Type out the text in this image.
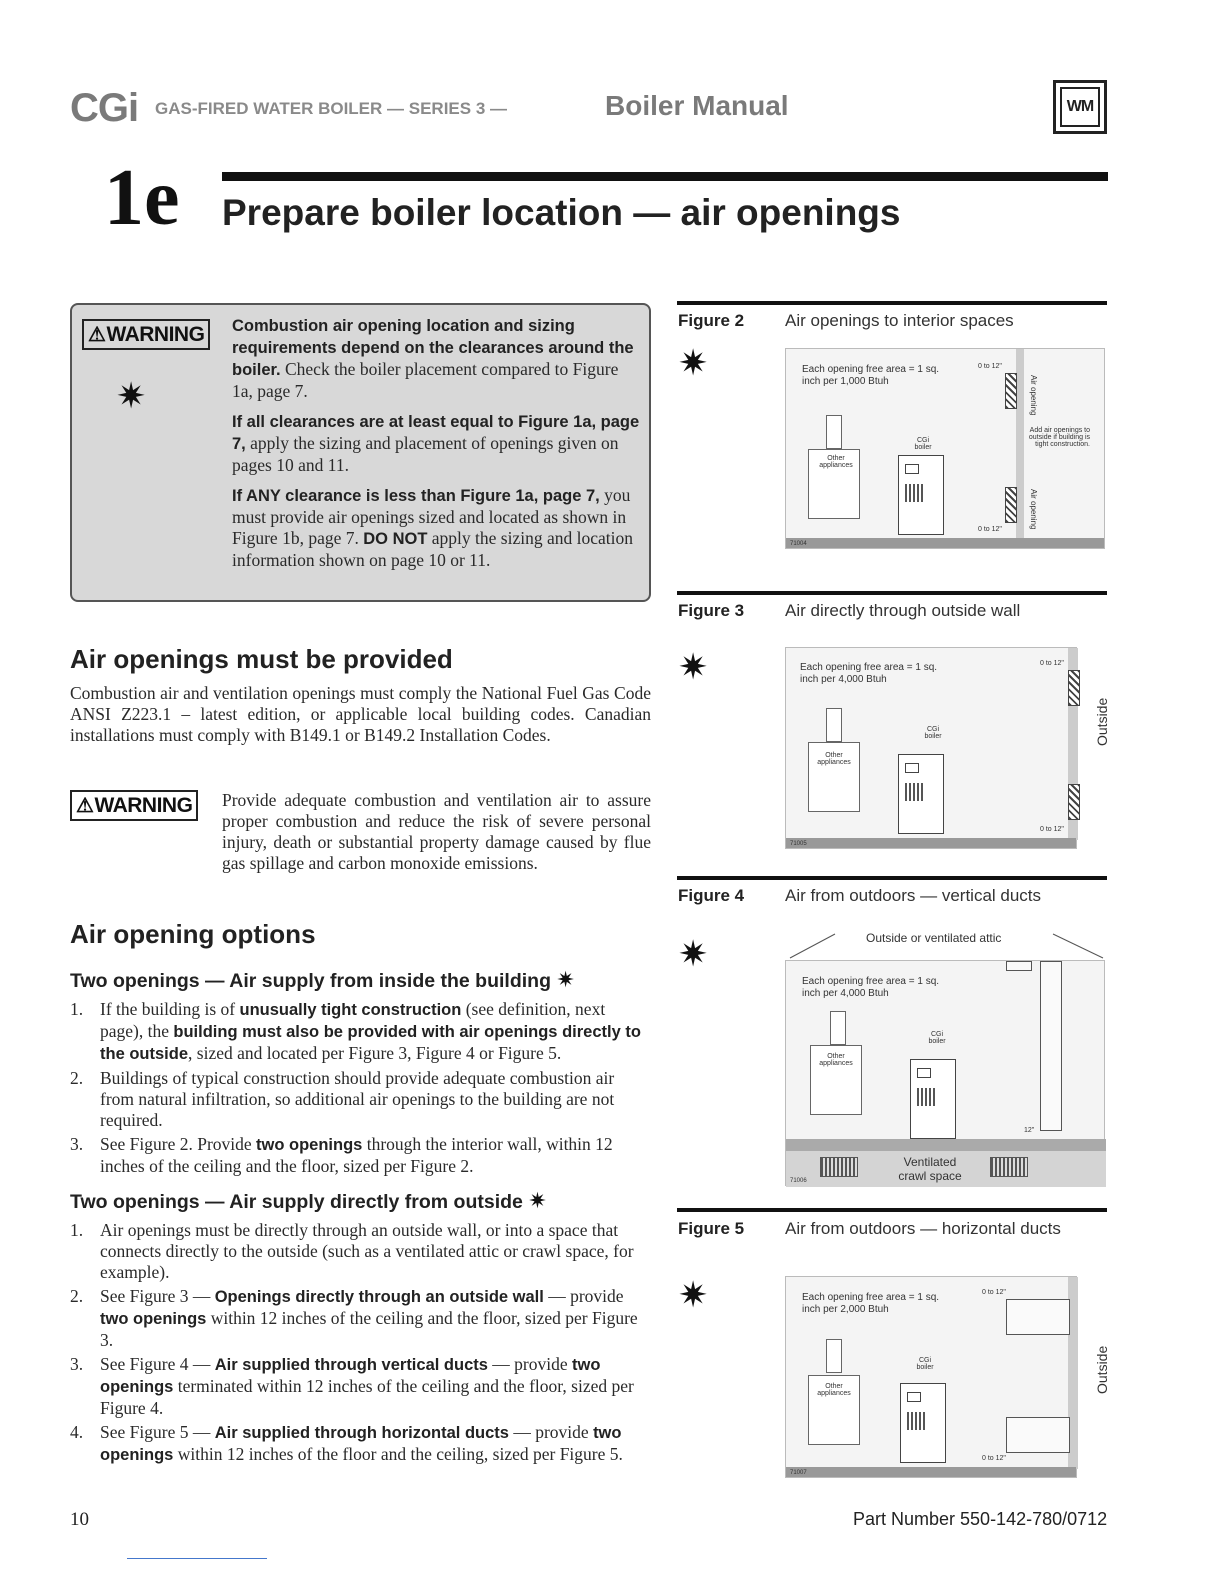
CGi GAS-FIRED WATER BOILER — SERIES 3 —	Boiler Manual	WM
1e Prepare boiler location — air openings
⚠ WARNING
✷

Combustion air opening location and sizing requirements depend on the clearances around the boiler. Check the boiler placement compared to Figure 1a, page 7.

If all clearances are at least equal to Figure 1a, page 7, apply the sizing and placement of openings given on pages 10 and 11.

If ANY clearance is less than Figure 1a, page 7, you must provide air openings sized and located as shown in Figure 1b, page 7. DO NOT apply the sizing and location information shown on page 10 or 11.

Air openings must be provided
Combustion air and ventilation openings must comply the National Fuel Gas Code ANSI Z223.1 – latest edition, or applicable local building codes. Canadian installations must comply with B149.1 or B149.2 Installation Codes.
⚠ WARNING Provide adequate combustion and ventilation air to assure proper combustion and reduce the risk of severe personal injury, death or substantial property damage caused by flue gas spillage and carbon monoxide emissions.
Air opening options
Two openings — Air supply from inside the building ✷
1. If the building is of unusually tight construction (see definition, next page), the building must also be provided with air openings directly to the outside, sized and located per Figure 3, Figure 4 or Figure 5.
2. Buildings of typical construction should provide adequate combustion air from natural infiltration, so additional air openings to the building are not required.
3. See Figure 2. Provide two openings through the interior wall, within 12 inches of the ceiling and the floor, sized per Figure 2.
Two openings — Air supply directly from outside ✷
1. Air openings must be directly through an outside wall, or into a space that connects directly to the outside (such as a ventilated attic or crawl space, for example).
2. See Figure 3 — Openings directly through an outside wall — provide two openings within 12 inches of the ceiling and the floor, sized per Figure 3.
3. See Figure 4 — Air supplied through vertical ducts — provide two openings terminated within 12 inches of the ceiling and the floor, sized per Figure 4.
4. See Figure 5 — Air supplied through horizontal ducts — provide two openings within 12 inches of the floor and the ceiling, sized per Figure 5.
Figure 2 Air openings to interior spaces
✷	Each opening free area = 1 sq. inch per 1,000 Btuh	Air opening
Air opening
0 to 12"
0 to 12"
Add air openings to outside if building is tight construction.
Other appliances
CGi boiler
71004
Figure 3 Air directly through outside wall
✷	Each opening free area = 1 sq. inch per 4,000 Btuh
0 to 12"
0 to 12"
Other appliances
CGi boiler
71005
Outside
Figure 4 Air from outdoors — vertical ducts
✷	Outside or ventilated attic
Each opening free area = 1 sq. inch per 4,000 Btuh
Other appliances
CGi boiler
12"
Ventilated crawl space
71006
Figure 5 Air from outdoors — horizontal ducts
✷	Each opening free area = 1 sq. inch per 2,000 Btuh
0 to 12"
0 to 12"
Other appliances
CGi boiler
71007
Outside
10	Part Number 550-142-780/0712
